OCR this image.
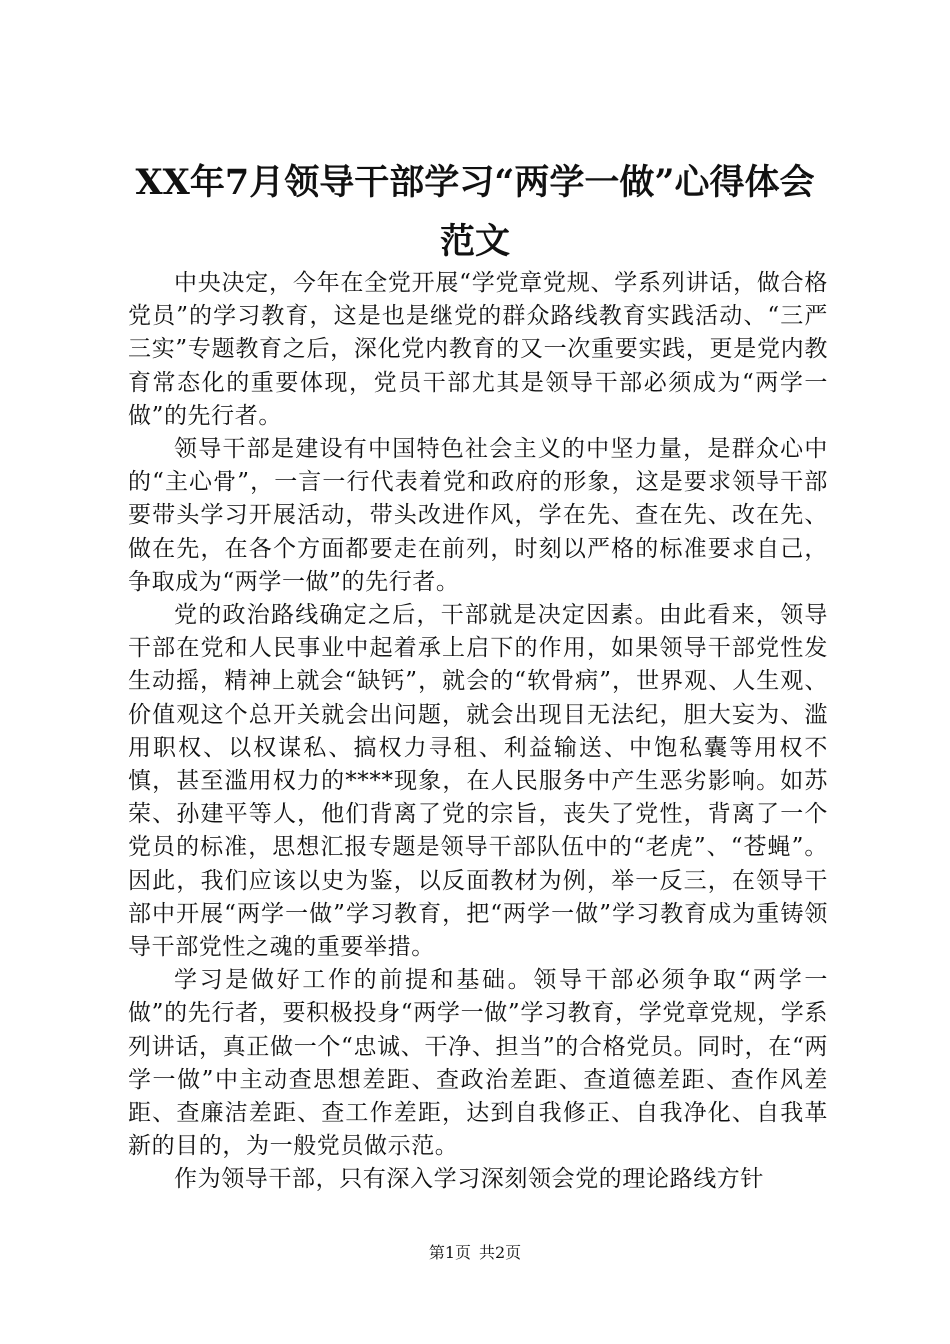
XX年7月领导干部学习“两学一做”心得体会
范文

中央决定，今年在全党开展“学党章党规、学系列讲话，做合格党员”的学习教育，这是也是继党的群众路线教育实践活动、“三严三实”专题教育之后，深化党内教育的又一次重要实践，更是党内教育常态化的重要体现，党员干部尤其是领导干部必须成为“两学一做”的先行者。

领导干部是建设有中国特色社会主义的中坚力量，是群众心中的“主心骨”，一言一行代表着党和政府的形象，这是要求领导干部要带头学习开展活动，带头改进作风，学在先、查在先、改在先、做在先，在各个方面都要走在前列，时刻以严格的标准要求自己，争取成为“两学一做”的先行者。

党的政治路线确定之后，干部就是决定因素。由此看来，领导干部在党和人民事业中起着承上启下的作用，如果领导干部党性发生动摇，精神上就会“缺钙”，就会的“软骨病”，世界观、人生观、价值观这个总开关就会出问题，就会出现目无法纪，胆大妄为、滥用职权、以权谋私、搞权力寻租、利益输送、中饱私囊等用权不慎，甚至滥用权力的****现象，在人民服务中产生恶劣影响。如苏荣、孙建平等人，他们背离了党的宗旨，丧失了党性，背离了一个党员的标准，思想汇报专题是领导干部队伍中的“老虎”、“苍蝇”。因此，我们应该以史为鉴，以反面教材为例，举一反三，在领导干部中开展“两学一做”学习教育，把“两学一做”学习教育成为重铸领导干部党性之魂的重要举措。

学习是做好工作的前提和基础。领导干部必须争取“两学一做”的先行者，要积极投身“两学一做”学习教育，学党章党规，学系列讲话，真正做一个“忠诚、干净、担当”的合格党员。同时，在“两学一做”中主动查思想差距、查政治差距、查道德差距、查作风差距、查廉洁差距、查工作差距，达到自我修正、自我净化、自我革新的目的，为一般党员做示范。

作为领导干部，只有深入学习深刻领会党的理论路线方针

第1页 共2页
